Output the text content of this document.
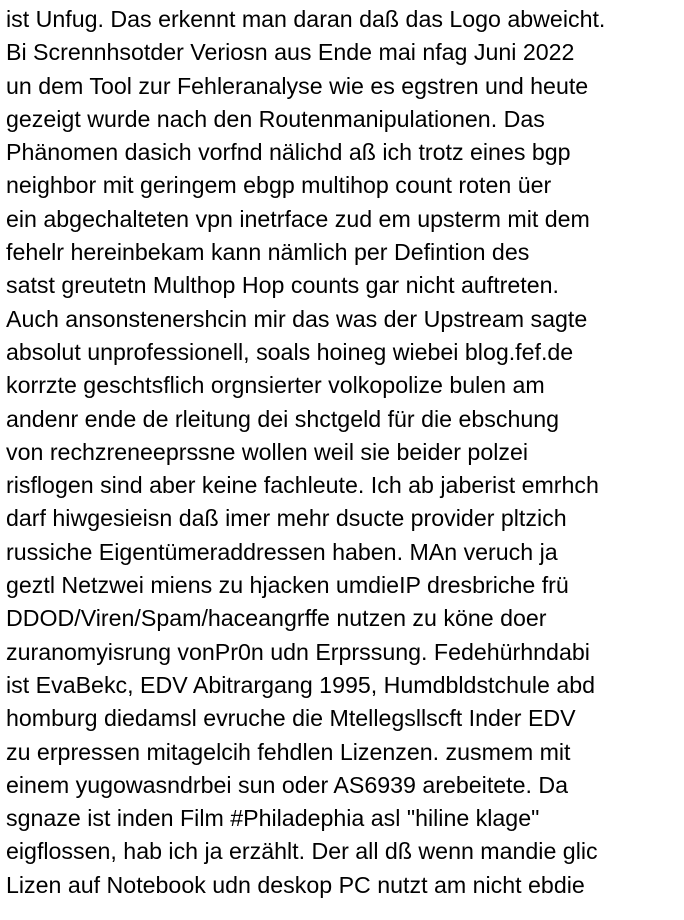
ist Unfug. Das erkennt man daran daß das Logo abweicht.
Bi Scrennhsotder Veriosn aus Ende mai nfag Juni 2022
un dem Tool zur Fehleranalyse wie es egstren und heute
gezeigt wurde nach den Routenmanipulationen. Das
Phänomen dasich vorfnd nälichd aß ich trotz eines bgp
neighbor mit geringem ebgp multihop count roten üer
ein abgechalteten vpn inetrface zud em upsterm mit dem
fehelr hereinbekam kann nämlich per Defintion des
satst greutetn Multhop Hop counts gar nicht auftreten.
Auch ansonstenershcin mir das was der Upstream sagte
absolut unprofessionell, soals hoineg wiebei blog.fef.de
korrzte geschtsflich orgnsierter volkopolize bulen am
andenr ende de rleitung dei shctgeld für die ebschung
von rechzreneeprssne wollen weil sie beider polzei
risflogen sind aber keine fachleute. Ich ab jaberist emrhch
darf hiwgesieisn daß imer mehr dsucte provider pltzich
russiche Eigentümeraddressen haben. MAn veruch ja
geztl Netzwei miens zu hjacken umdieIP dresbriche frü
DDOD/Viren/Spam/haceangrffe nutzen zu köne doer
zuranomyisrung vonPr0n udn Erprssung. Fedehürhndabi
ist EvaBekc, EDV Abitrargang 1995, Humdbldstchule abd
homburg diedamsl evruche die Mtellegsllscft Inder EDV
zu erpressen mitagelcih fehdlen Lizenzen. zusmem mit
einem yugowasndrbei sun oder AS6939 arebeitete. Da
sgnaze ist inden Film #Philadephia asl "hiline klage"
eigflossen, hab ich ja erzählt. Der all dß wenn mandie glic
Lizen auf Notebook udn deskop PC nutzt am nicht ebdie
